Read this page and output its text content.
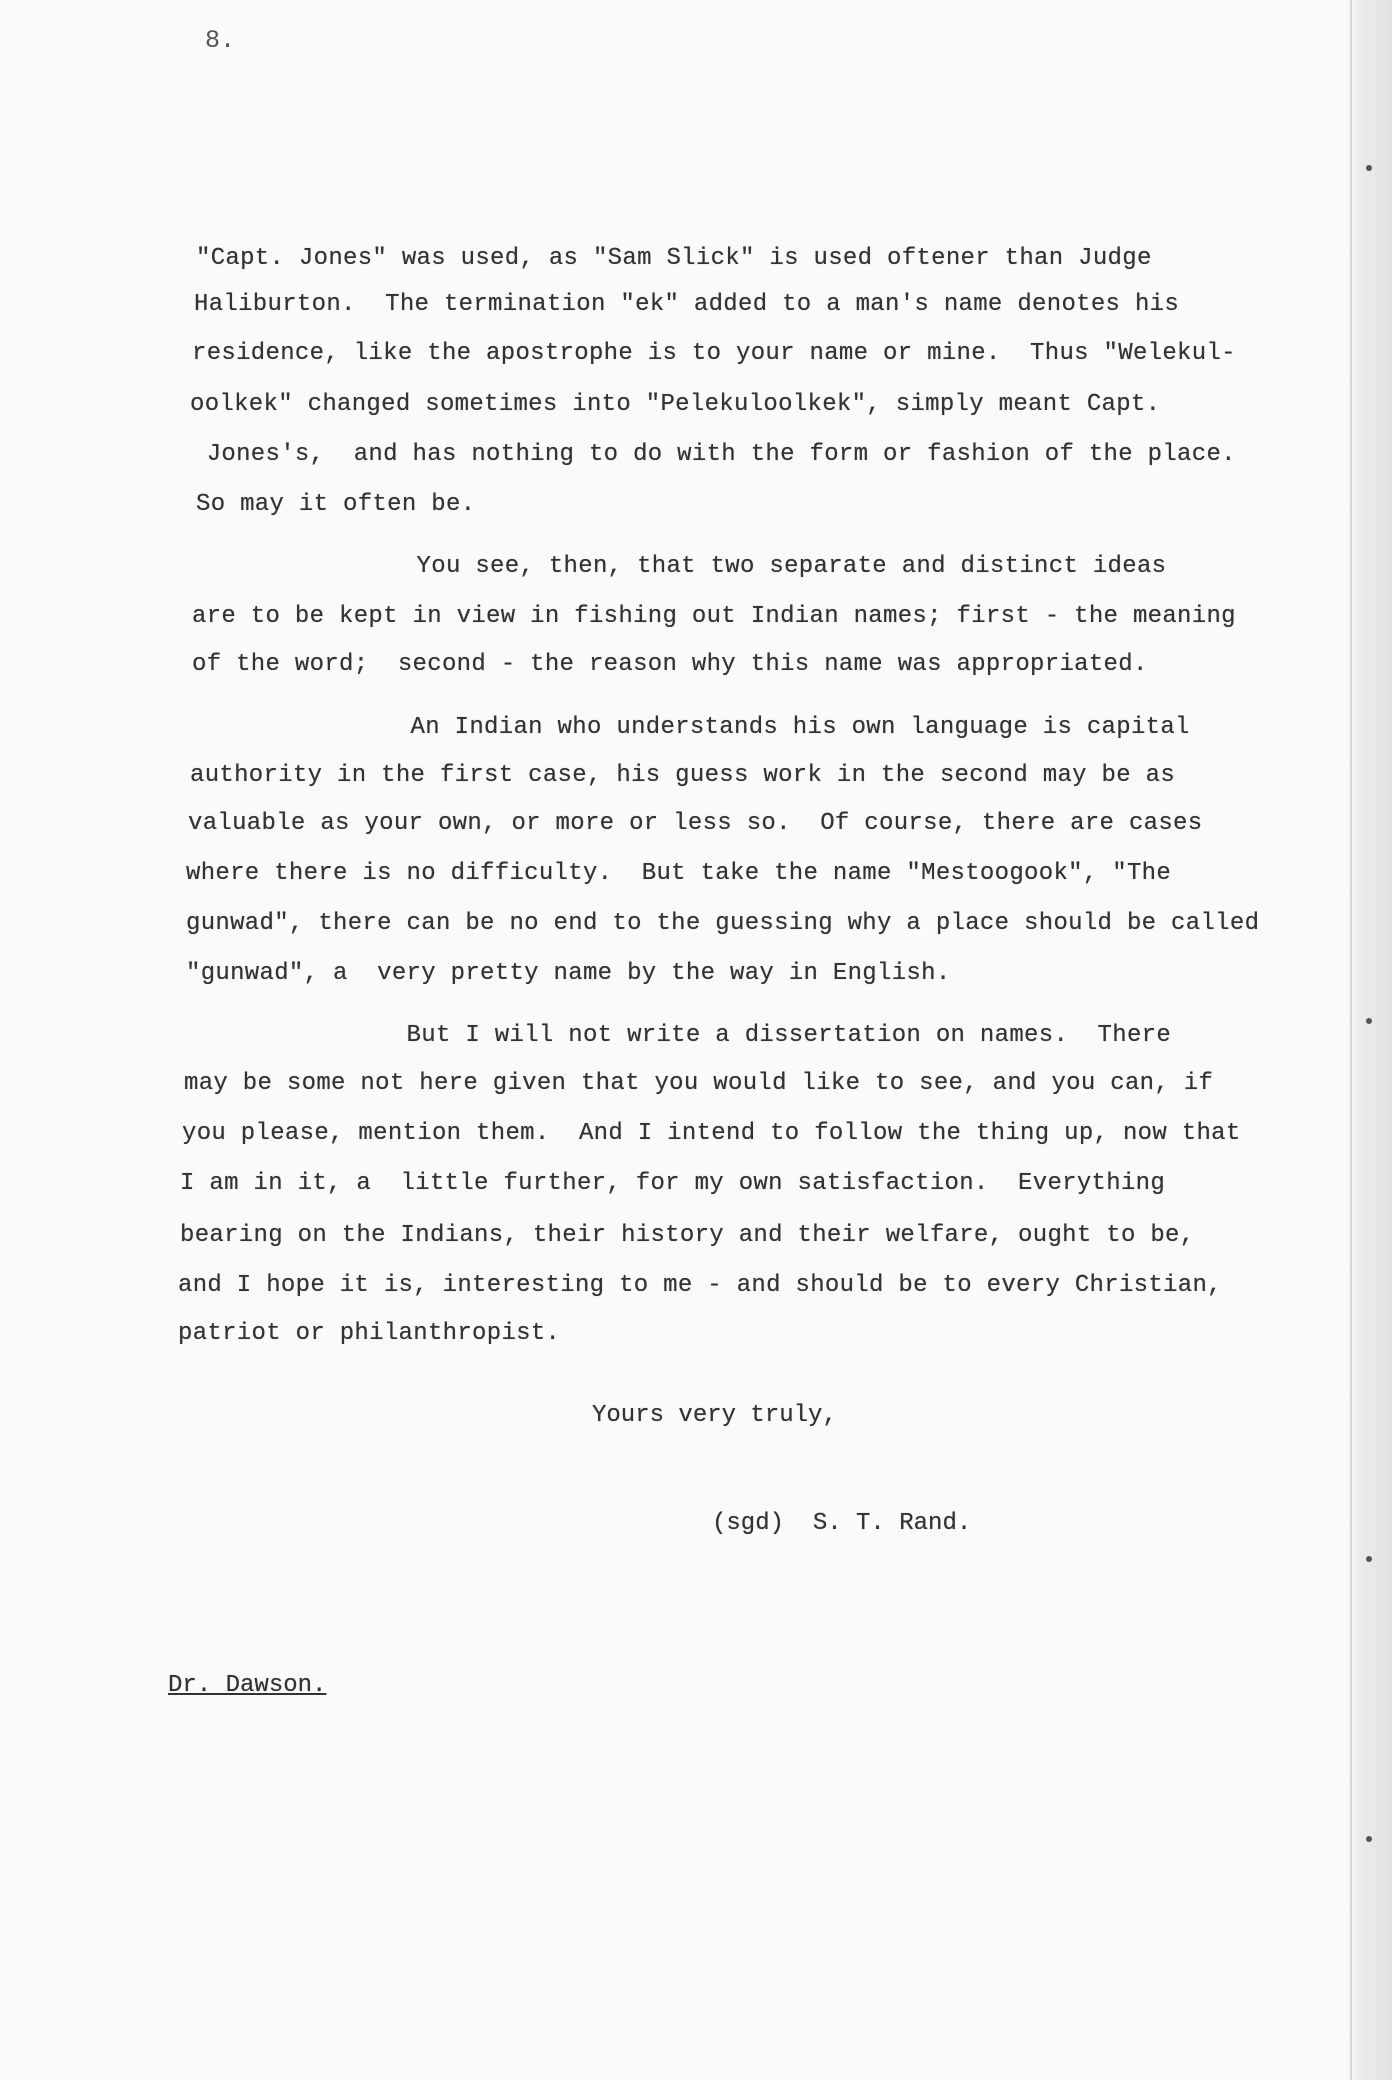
8.
"Capt. Jones" was used, as "Sam Slick" is used oftener than Judge
Haliburton.  The termination "ek" added to a man's name denotes his
residence, like the apostrophe is to your name or mine.  Thus "Welekul-
oolkek" changed sometimes into "Pelekuloolkek", simply meant Capt.
Jones's,  and has nothing to do with the form or fashion of the place.
So may it often be.
You see, then, that two separate and distinct ideas
are to be kept in view in fishing out Indian names; first - the meaning
of the word;  second - the reason why this name was appropriated.
An Indian who understands his own language is capital
authority in the first case, his guess work in the second may be as
valuable as your own, or more or less so.  Of course, there are cases
where there is no difficulty.  But take the name "Mestoogook", "The
gunwad", there can be no end to the guessing why a place should be called
"gunwad", a  very pretty name by the way in English.
But I will not write a dissertation on names.  There
may be some not here given that you would like to see, and you can, if
you please, mention them.  And I intend to follow the thing up, now that
I am in it, a  little further, for my own satisfaction.  Everything
bearing on the Indians, their history and their welfare, ought to be,
and I hope it is, interesting to me - and should be to every Christian,
patriot or philanthropist.
Yours very truly,
(sgd)  S. T. Rand.
Dr. Dawson.
